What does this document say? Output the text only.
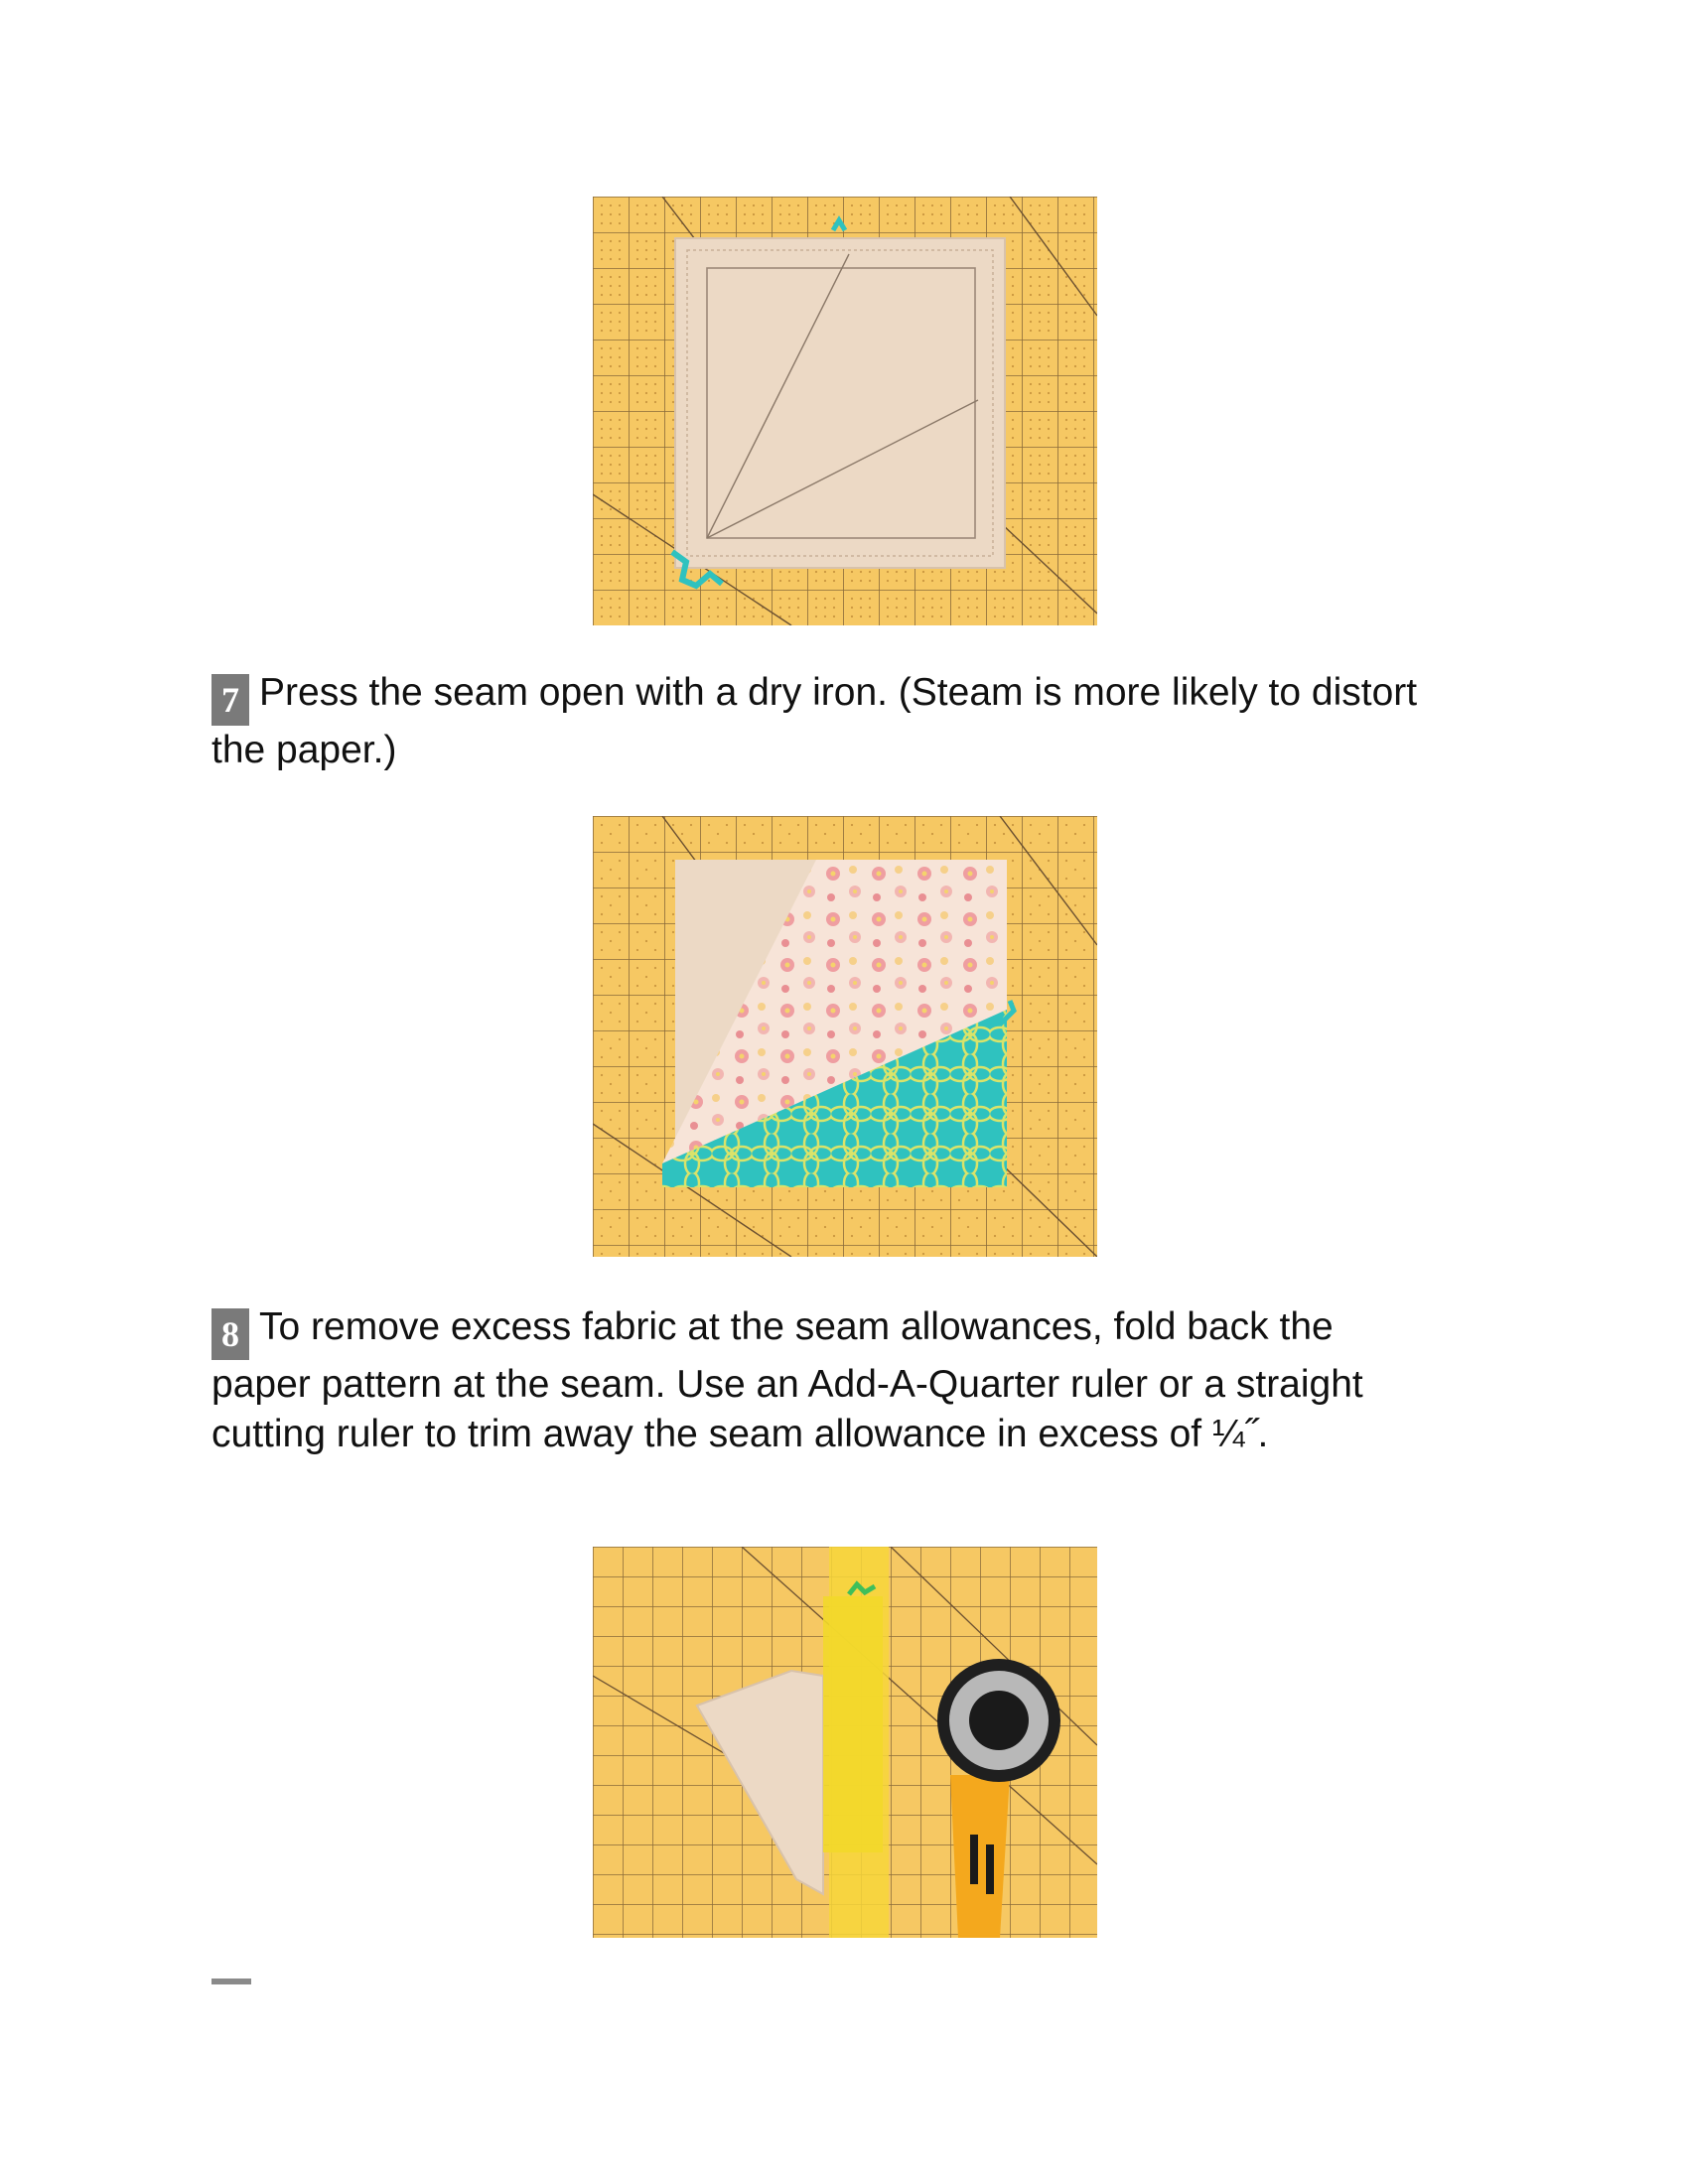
7 Press the seam open with a dry iron. (Steam is more likely to distort the paper.)

8 To remove excess fabric at the seam allowances, fold back the paper pattern at the seam. Use an Add-A-Quarter ruler or a straight cutting ruler to trim away the seam allowance in excess of ¼˝.
